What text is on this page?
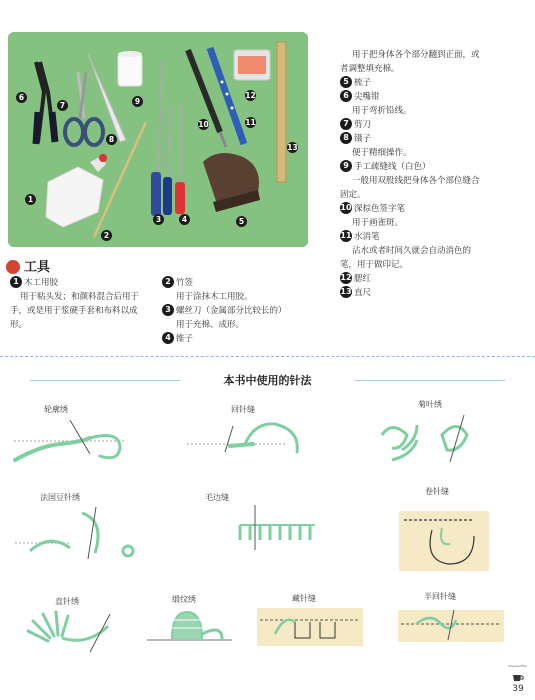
1
2
3	4	5
6
7
8
9
10	11
12
13
用于把身体各个部分翻到正面，或
者调整填充棉。
5 梳子
6 尖嘴钳
用于弯折铅线。
7 剪刀
8 镊子
便于精细操作。
9 手工疏缝线（白色）
一般用双股线把身体各个部位缝合
固定。
10 深棕色签字笔
用于画雀斑。
11 水消笔
沾水或者时间久就会自动消色的
笔，用于做印记。
12 腮红
13 直尺
工具
1 木工用胶
用于粘头发；和颜料混合后用于
手，或是用于浆硬手套和布料以成
形。
2 竹签
用于涂抹木工用胶。
3 螺丝刀（金属部分比较长的）
用于充棉、成形。
4 锥子
本书中使用的针法
轮廓绣	回针缝
菊叶绣
法国豆针绣	毛边缝
卷针缝
直针绣	缎纹绣	藏针缝	半回针缝
39
Hopeacoffee
